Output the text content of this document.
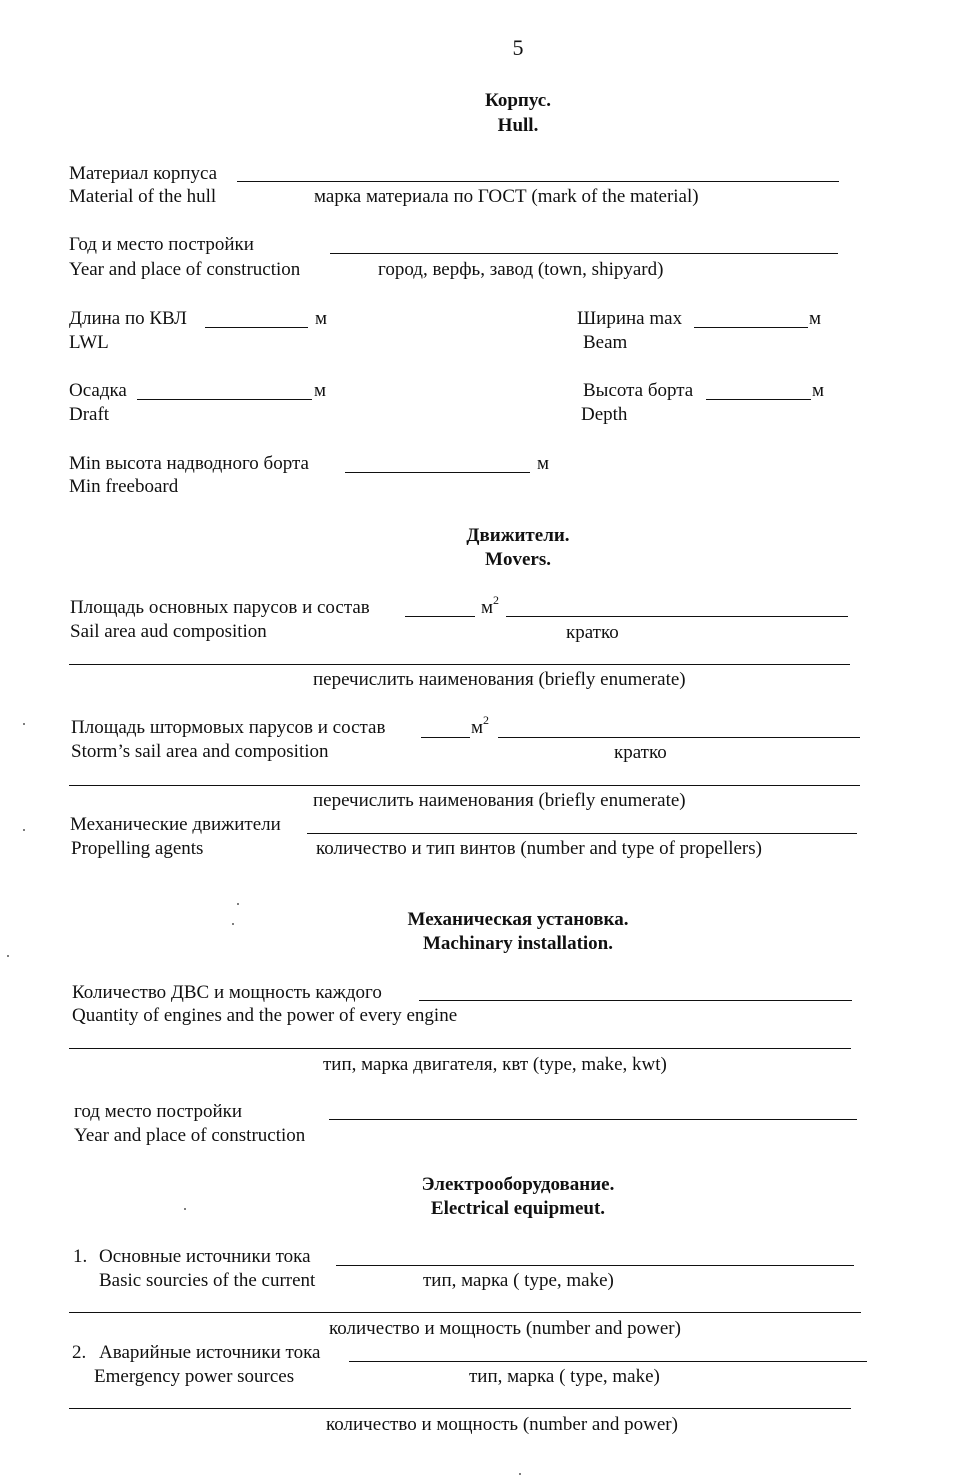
5
Корпус.
Hull.
Материал корпуса
Material of the hull	марка материала по ГОСТ (mark of the material)
Год и место постройки
Year and place of construction	город, верфь, завод (town, shipyard)
Длина по КВЛ	м
LWL
Ширина max	м
Beam
Осадка	м
Draft
Высота борта	м
Depth
Min высота надводного борта	м
Min freeboard
Движители.
Movers.
Площадь основных парусов и состав	$м^2$
Sail area aud composition	кратко
перечислить наименования (briefly enumerate)
Площадь штормовых парусов и состав	$м^2$
Storm’s sail area and composition	кратко
перечислить наименования (briefly enumerate)
Механические движители
Propelling agents	количество и тип винтов (number and type of propellers)
Механическая установка.
Machinary installation.
Количество ДВС и мощность каждого
Quantity of engines and the power of every engine
тип, марка двигателя, квт (type, make, kwt)
год место постройки
Year and place of construction
Электрооборудование.
Electrical equipmeut.
1. Основные источники тока
Basic sourcies of the current	тип, марка ( type, make)
количество и мощность (number and power)
2. Аварийные источники тока
Emergency power sources	тип, марка ( type, make)
количество и мощность (number and power)
